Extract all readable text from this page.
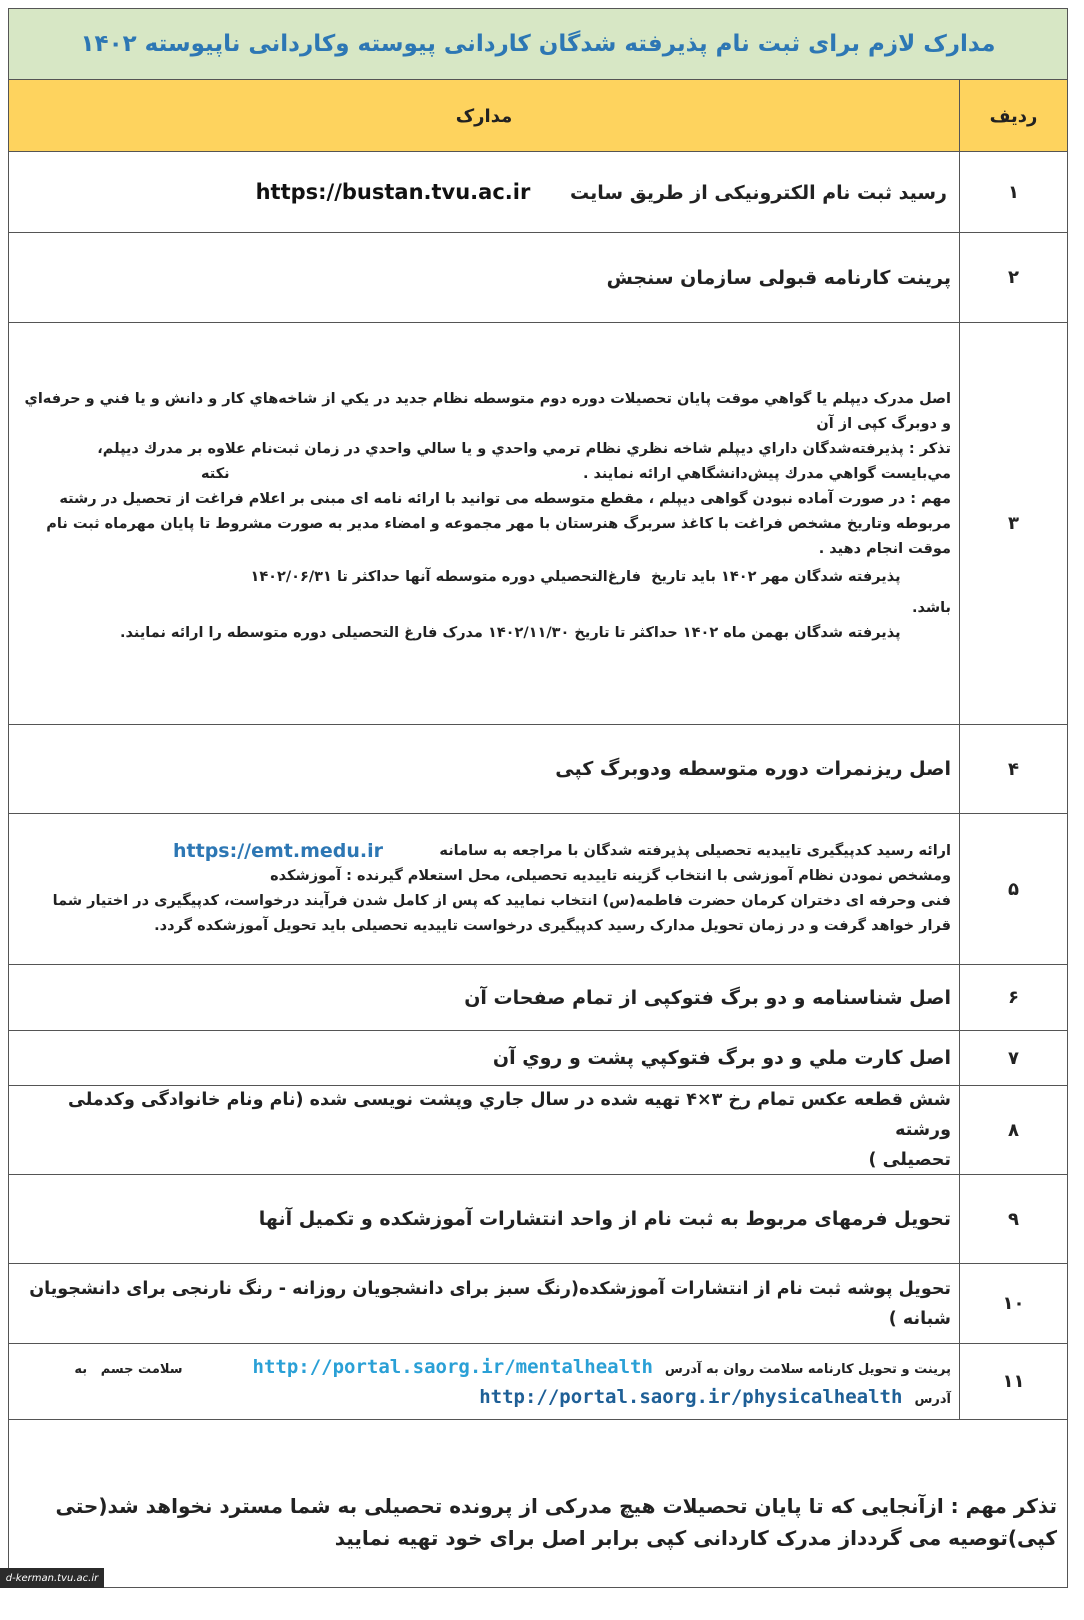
مدارک لازم برای ثبت نام پذیرفته شدگان کاردانی پیوسته وکاردانی ناپیوسته ۱۴۰۲
مدارک	ردیف
۱
رسید ثبت نام الکترونیکی از طریق سایت      https://bustan.tvu.ac.ir
۲
پرینت کارنامه قبولی سازمان سنجش
۳
اصل مدرک ديپلم يا گواهي موقت پايان تحصيلات دوره دوم متوسطه نظام جديد در يكي از شاخه‌هاي كار و دانش و يا فني و حرفه‌اي
و دوبرگ کپی از آن
تذكر : پذيرفته‌شدگان داراي ديپلم شاخه نظري نظام ترمي واحدي و يا سالي واحدي در زمان ثبت‌نام علاوه بر مدرك ديپلم،
مي‌بايست گواهي مدرك پيش‌دانشگاهي ارائه نمايند .                                                                      نکته
مهم : در صورت آماده نبودن گواهی دیپلم ، مقطع متوسطه می توانید با ارائه نامه ای مبنی بر اعلام فراغت از تحصیل در رشته
مربوطه وتاریخ مشخص فراغت با کاغذ سربرگ هنرستان با مهر مجموعه و امضاء مدیر به صورت مشروط تا پایان مهرماه ثبت نام
موقت انجام دهید .
پذیرفته شدگان مهر ۱۴۰۲ باید تاریخ  فارغ‌التحصیلي دوره متوسطه آنها حداکثر تا ۱۴۰۲/۰۶/۳۱
باشد.
پذیرفته شدگان بهمن ماه ۱۴۰۲ حداکثر تا تاریخ ۱۴۰۲/۱۱/۳۰ مدرک فارغ التحصیلی دوره متوسطه را ارائه نمایند.
۴
اصل ریزنمرات دوره متوسطه ودوبرگ کپی
۵
ارائه رسید کدپیگیری تاییدیه تحصیلی پذیرفته شدگان با مراجعه به سامانه
https://emt.medu.ir
ومشخص نمودن نظام آموزشی با انتخاب گزینه تاییدیه تحصیلی، محل استعلام گیرنده : آموزشکده
فنی وحرفه ای دختران کرمان حضرت فاطمه(س) انتخاب نمایید که پس از کامل شدن فرآیند درخواست، کدپیگیری در اختیار شما
قرار خواهد گرفت و در زمان تحویل مدارک رسید کدپیگیری درخواست تاییدیه تحصیلی باید تحویل آموزشکده گردد.
۶
اصل شناسنامه و دو برگ فتوکپی از تمام صفحات آن
۷
اصل کارت ملي و دو برگ فتوكپي پشت و روي آن
۸
شش قطعه عكس تمام رخ ۳×۴ تهيه شده در سال جاري وپشت نویسی شده (نام ونام خانوادگی وکدملی ورشته
تحصیلی )
۹
تحویل فرمهای مربوط به ثبت نام از واحد انتشارات آموزشکده و تکمیل آنها
۱۰
تحویل پوشه ثبت نام از انتشارات آموزشکده(رنگ سبز برای دانشجویان روزانه - رنگ نارنجی برای دانشجویان
شبانه )
۱۱
پرینت و تحویل کارنامه سلامت روان به آدرس
http://portal.saorg.ir/mentalhealth
سلامت جسم   به
آدرس
http://portal.saorg.ir/physicalhealth

تذکر مهم : ازآنجایی که تا پایان تحصیلات هیچ مدرکی از پرونده تحصیلی به شما مسترد نخواهد شد(حتی

کپی)توصیه می گردداز مدرک کاردانی کپی برابر اصل برای خود تهیه نمایید

d-kerman.tvu.ac.ir
